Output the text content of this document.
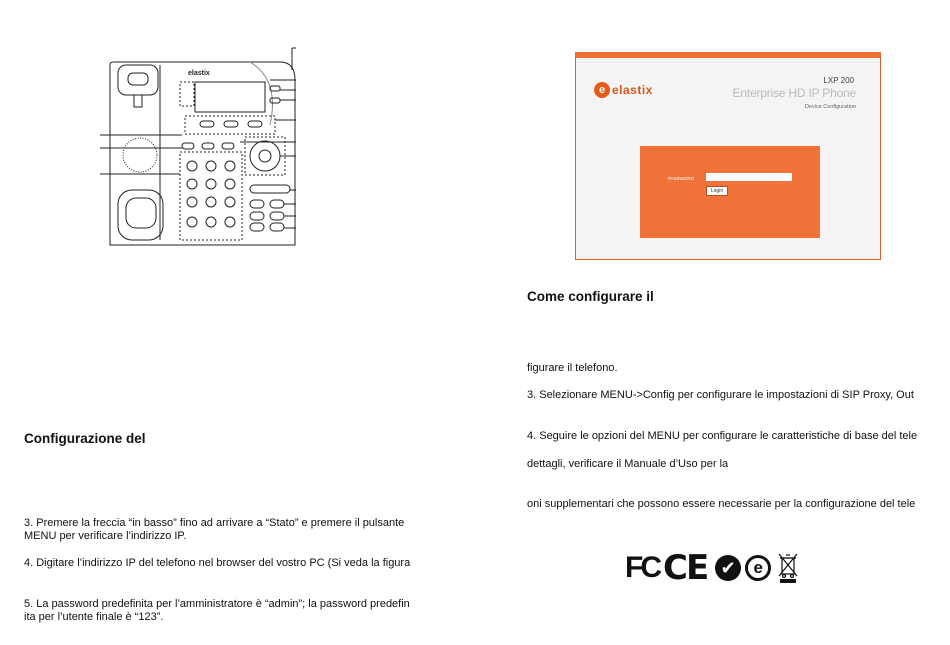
elastix
Configurazione del
3. Premere la freccia “in basso” fino ad arrivare a “Stato” e premere il pulsante
MENU per verificare l’indirizzo IP.
4. Digitare l’indirizzo IP del telefono nel browser del vostro PC (Si veda la figura
5. La password predefinita per l’amministratore è “admin”; la password predefin
ita per l’utente finale è “123”.
e elastix
LXP 200
Enterprise HD IP Phone
Device Configuration
PASSWORD
Login
Come configurare il
figurare il telefono.
3. Selezionare MENU->Config per configurare le impostazioni di SIP Proxy, Out
4. Seguire le opzioni del MENU per configurare le caratteristiche di base del tele
dettagli, verificare il Manuale d’Uso per la
oni supplementari che possono essere necessarie per la configurazione del tele
FC CE ✔	e
